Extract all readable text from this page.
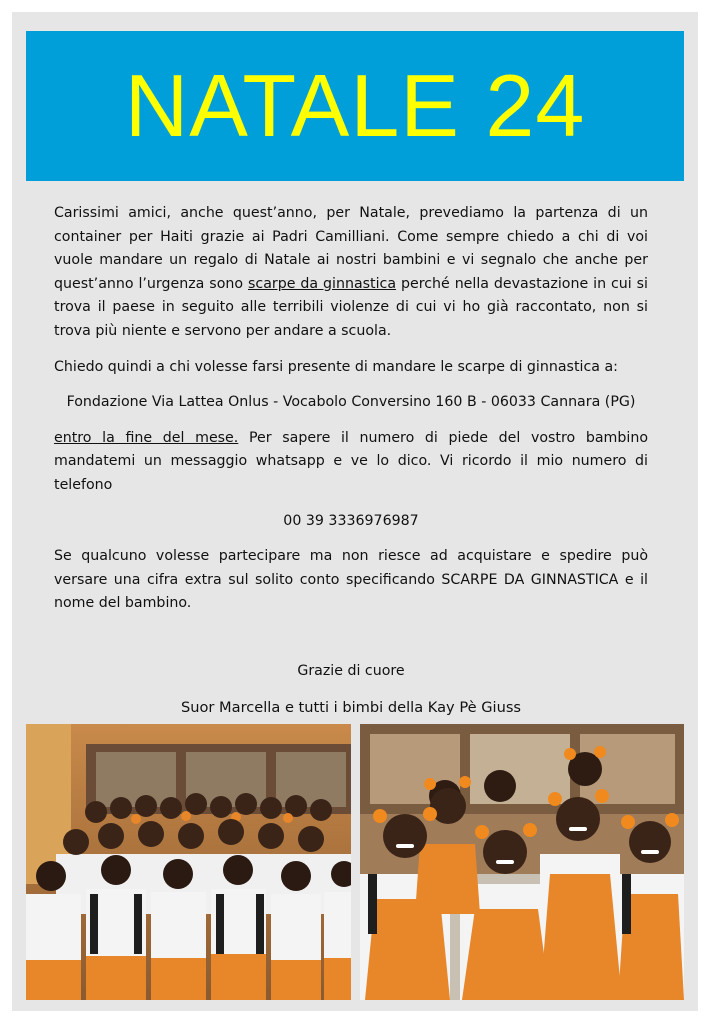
NATALE 24

Carissimi amici, anche quest’anno, per Natale, prevediamo la partenza di un container per Haiti grazie ai Padri Camilliani. Come sempre chiedo a chi di voi vuole mandare un regalo di Natale ai nostri bambini e vi segnalo che anche per quest’anno l’urgenza sono scarpe da ginnastica perché nella devastazione in cui si trova il paese in seguito alle terribili violenze di cui vi ho già raccontato, non si trova più niente e servono per andare a scuola.

Chiedo quindi a chi volesse farsi presente di mandare le scarpe di ginnastica a:

Fondazione Via Lattea Onlus - Vocabolo Conversino 160 B - 06033 Cannara (PG)

entro la fine del mese. Per sapere il numero di piede del vostro bambino mandatemi un messaggio whatsapp e ve lo dico. Vi ricordo il mio numero di telefono

00 39 3336976987

Se qualcuno volesse partecipare ma non riesce ad acquistare e spedire può versare una cifra extra sul solito conto specificando SCARPE DA GINNASTICA e il nome del bambino.

Grazie di cuore

Suor Marcella e tutti i bimbi della Kay Pè Giuss
